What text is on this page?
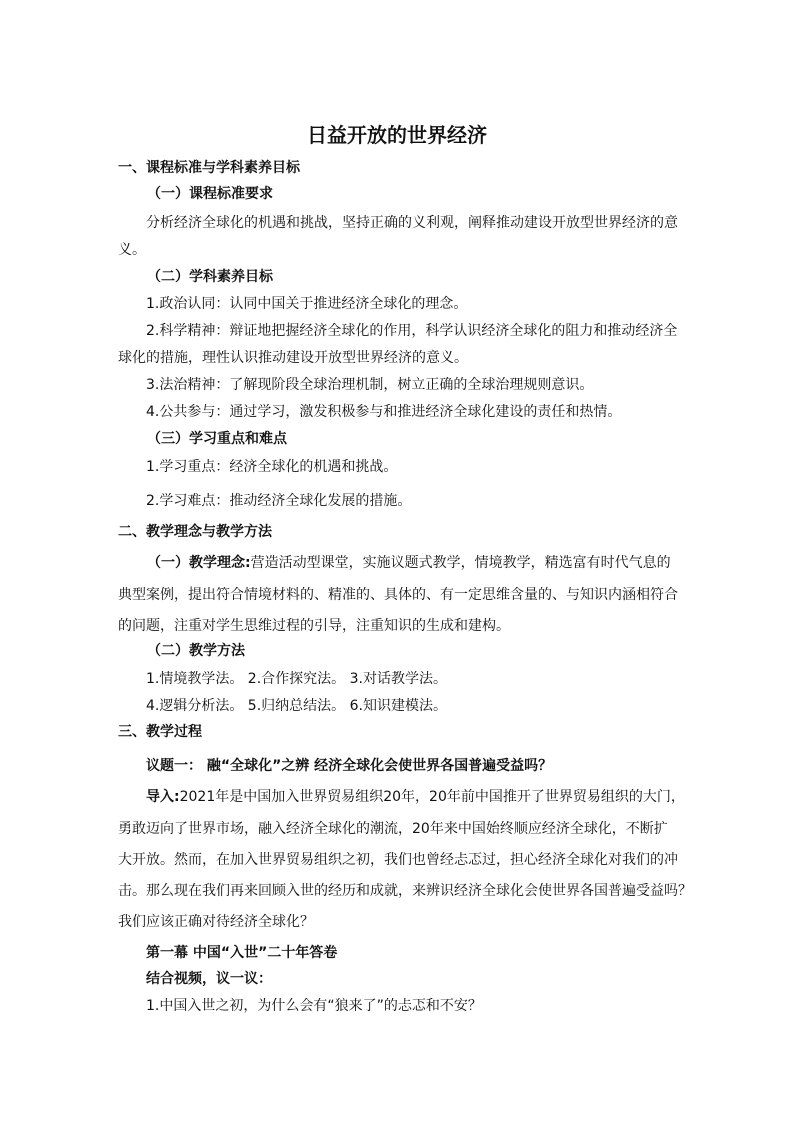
日益开放的世界经济
一、课程标准与学科素养目标
（一）课程标准要求
分析经济全球化的机遇和挑战，坚持正确的义利观，阐释推动建设开放型世界经济的意
义。
（二）学科素养目标
1.政治认同：认同中国关于推进经济全球化的理念。
2.科学精神：辩证地把握经济全球化的作用，科学认识经济全球化的阻力和推动经济全
球化的措施，理性认识推动建设开放型世界经济的意义。
3.法治精神：了解现阶段全球治理机制，树立正确的全球治理规则意识。
4.公共参与：通过学习，激发积极参与和推进经济全球化建设的责任和热情。
（三）学习重点和难点
1.学习重点：经济全球化的机遇和挑战。
2.学习难点：推动经济全球化发展的措施。
二、教学理念与教学方法
（一）教学理念:营造活动型课堂，实施议题式教学，情境教学，精选富有时代气息的
典型案例，提出符合情境材料的、精准的、具体的、有一定思维含量的、与知识内涵相符合
的问题，注重对学生思维过程的引导，注重知识的生成和建构。
（二）教学方法
1.情境教学法。 2.合作探究法。 3.对话教学法。
4.逻辑分析法。 5.归纳总结法。 6.知识建模法。
三、教学过程
议题一： 融“全球化”之辨 经济全球化会使世界各国普遍受益吗？
导入:2021年是中国加入世界贸易组织20年，20年前中国推开了世界贸易组织的大门，
勇敢迈向了世界市场，融入经济全球化的潮流，20年来中国始终顺应经济全球化，不断扩
大开放。然而，在加入世界贸易组织之初，我们也曾经忐忑过，担心经济全球化对我们的冲
击。那么现在我们再来回顾入世的经历和成就，来辨识经济全球化会使世界各国普遍受益吗？
我们应该正确对待经济全球化？
第一幕 中国“入世”二十年答卷
结合视频，议一议：
1.中国入世之初，为什么会有“狼来了”的忐忑和不安？
